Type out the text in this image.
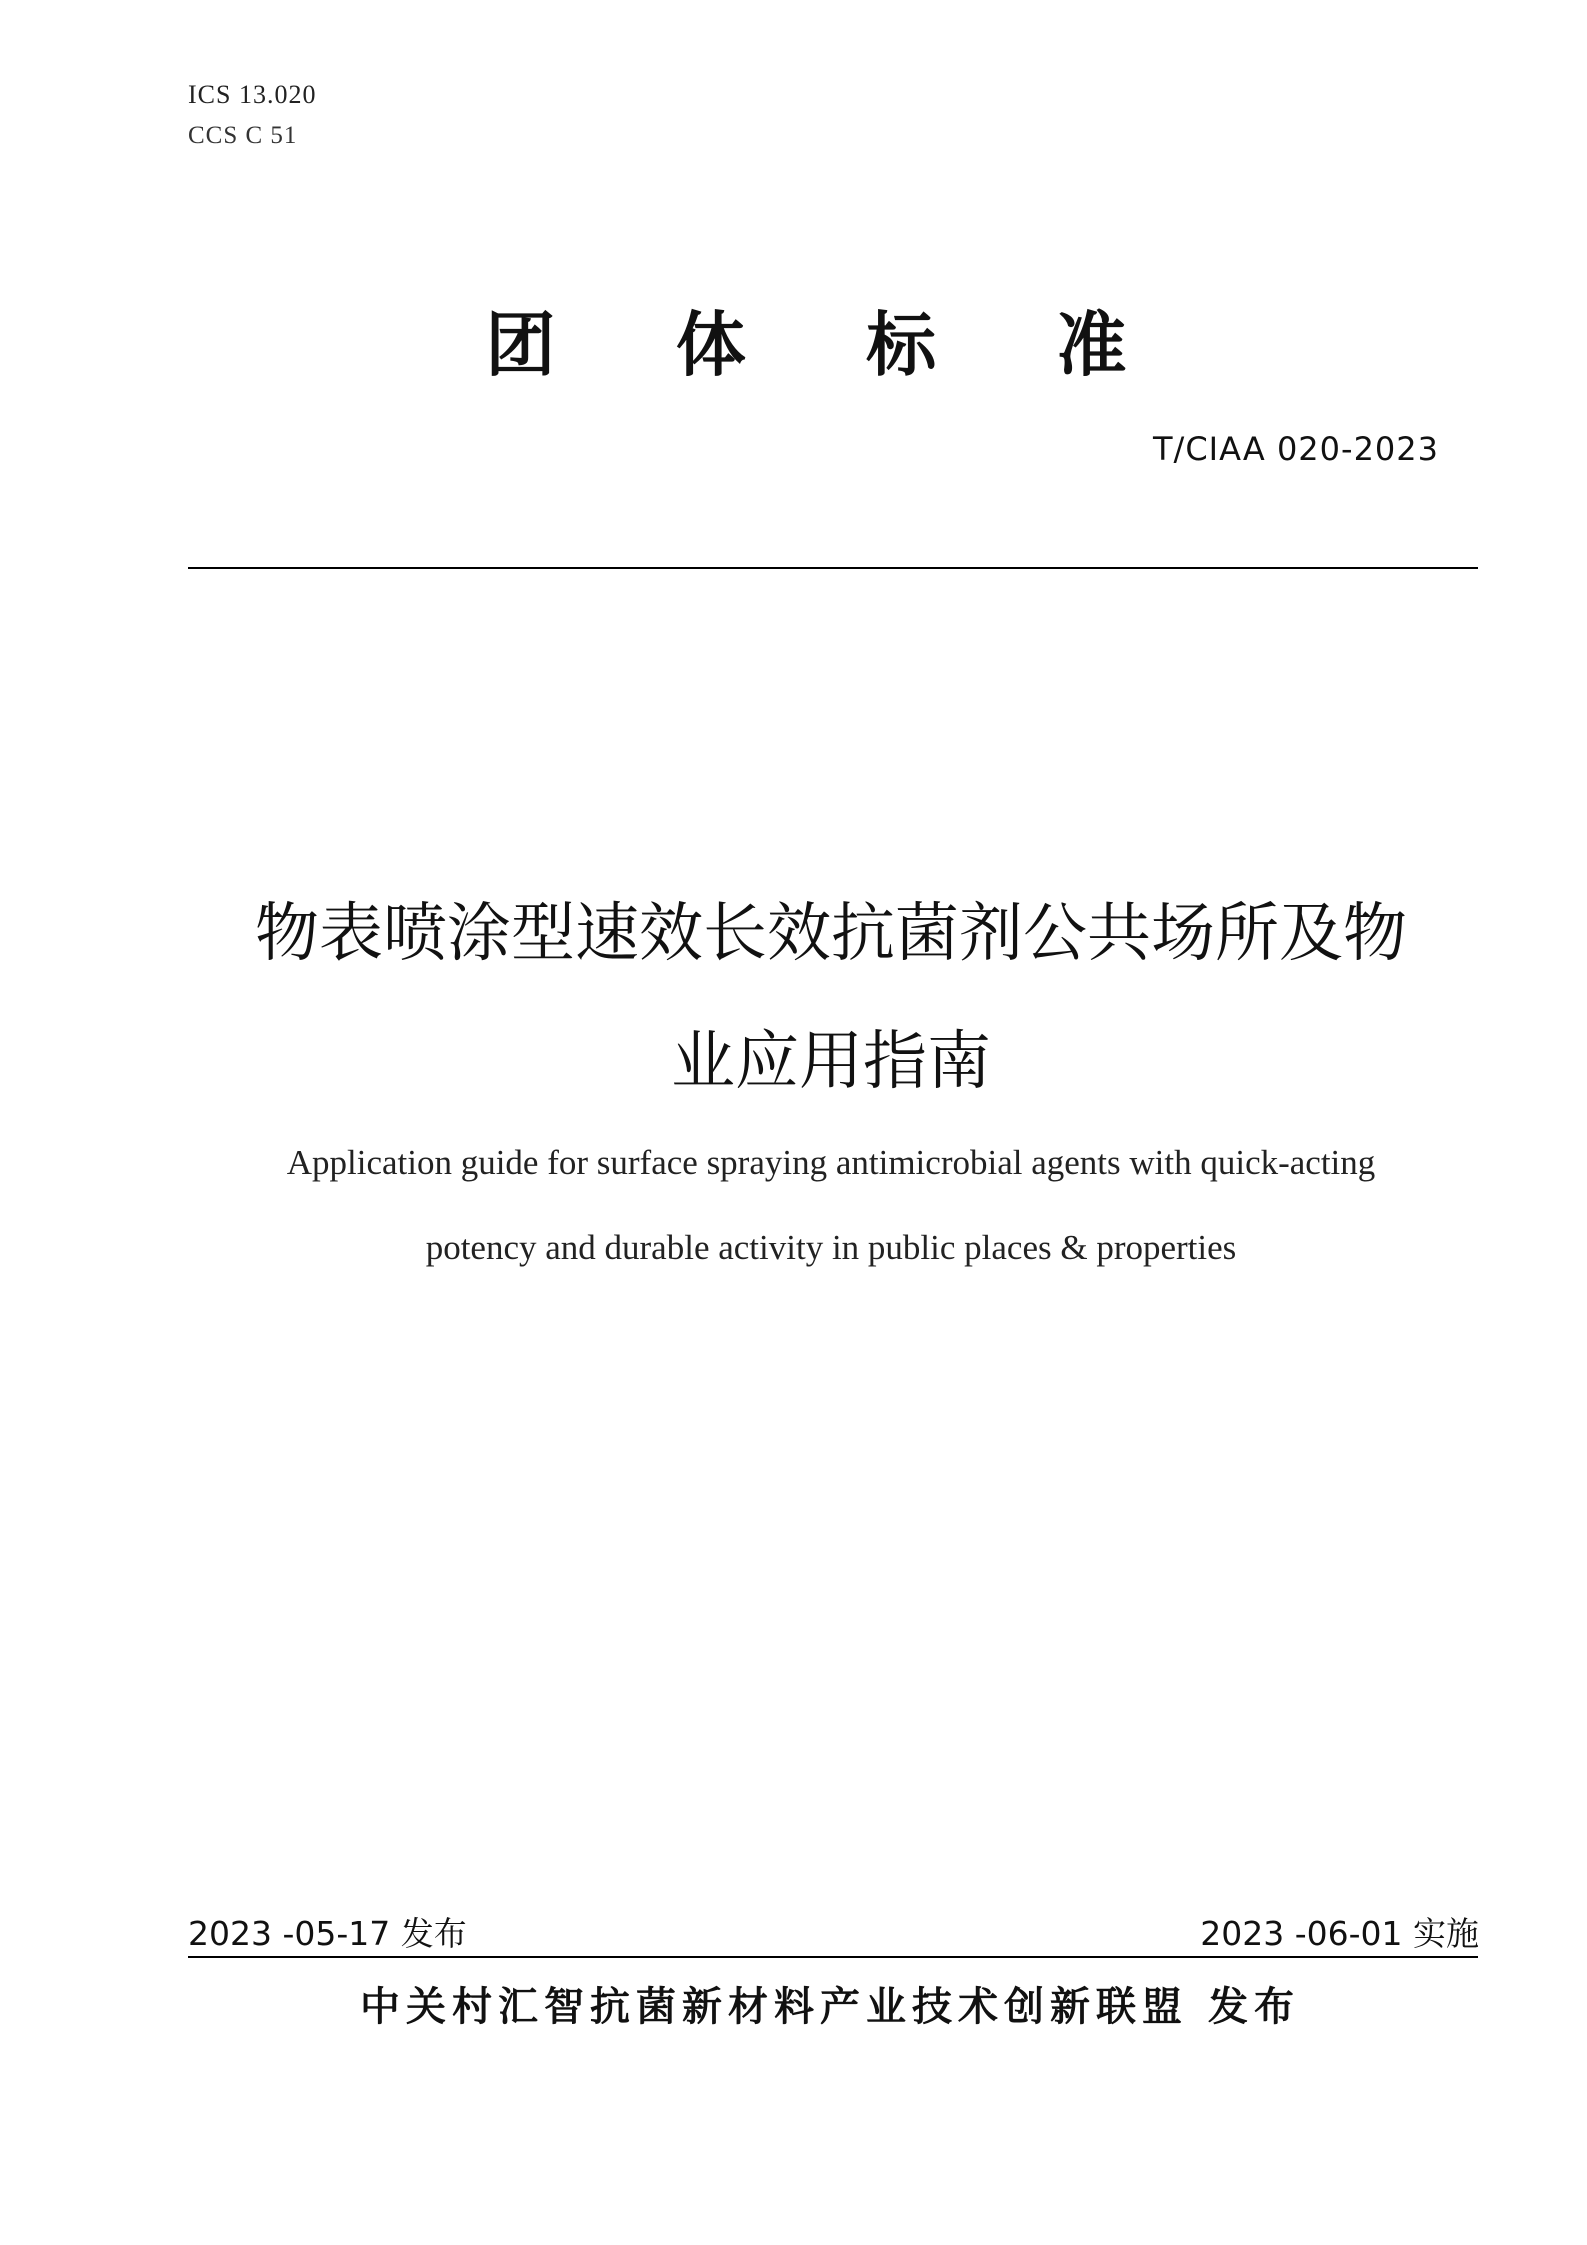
ICS 13.020
CCS C 51
团 体 标 准
T/CIAA 020-2023
物表喷涂型速效长效抗菌剂公共场所及物
业应用指南
Application guide for surface spraying antimicrobial agents with quick-acting
potency and durable activity in public places & properties
2023 -05-17 发布	2023 -06-01 实施
中关村汇智抗菌新材料产业技术创新联盟 发布
